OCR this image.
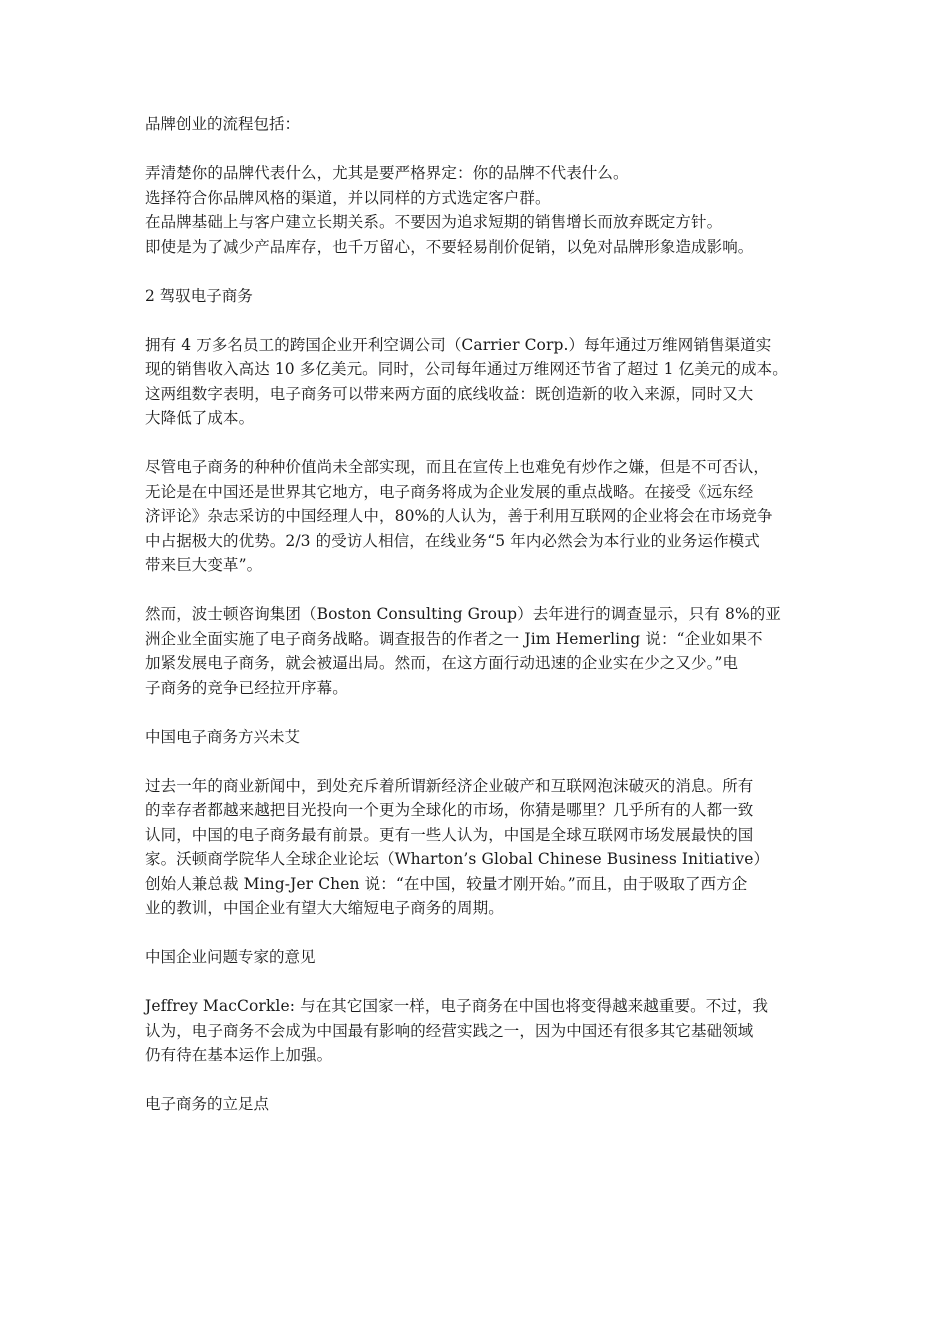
品牌创业的流程包括：
弄清楚你的品牌代表什么，尤其是要严格界定：你的品牌不代表什么。
选择符合你品牌风格的渠道，并以同样的方式选定客户群。
在品牌基础上与客户建立长期关系。不要因为追求短期的销售增长而放弃既定方针。
即使是为了减少产品库存，也千万留心，不要轻易削价促销，以免对品牌形象造成影响。
2 驾驭电子商务
拥有 4 万多名员工的跨国企业开利空调公司（Carrier Corp.）每年通过万维网销售渠道实
现的销售收入高达 10 多亿美元。同时，公司每年通过万维网还节省了超过 1 亿美元的成本。
这两组数字表明，电子商务可以带来两方面的底线收益：既创造新的收入来源，同时又大
大降低了成本。
尽管电子商务的种种价值尚未全部实现，而且在宣传上也难免有炒作之嫌，但是不可否认，
无论是在中国还是世界其它地方，电子商务将成为企业发展的重点战略。在接受《远东经
济评论》杂志采访的中国经理人中，80%的人认为，善于利用互联网的企业将会在市场竞争
中占据极大的优势。2/3 的受访人相信，在线业务“5 年内必然会为本行业的业务运作模式
带来巨大变革”。
然而，波士顿咨询集团（Boston Consulting Group）去年进行的调查显示，只有 8%的亚
洲企业全面实施了电子商务战略。调查报告的作者之一 Jim Hemerling 说：“企业如果不
加紧发展电子商务，就会被逼出局。然而，在这方面行动迅速的企业实在少之又少。”电
子商务的竞争已经拉开序幕。
中国电子商务方兴未艾
过去一年的商业新闻中，到处充斥着所谓新经济企业破产和互联网泡沫破灭的消息。所有
的幸存者都越来越把目光投向一个更为全球化的市场，你猜是哪里？几乎所有的人都一致
认同，中国的电子商务最有前景。更有一些人认为，中国是全球互联网市场发展最快的国
家。沃顿商学院华人全球企业论坛（Wharton’s Global Chinese Business Initiative）
创始人兼总裁 Ming-Jer Chen 说：“在中国，较量才刚开始。”而且，由于吸取了西方企
业的教训，中国企业有望大大缩短电子商务的周期。
中国企业问题专家的意见
Jeffrey MacCorkle: 与在其它国家一样，电子商务在中国也将变得越来越重要。不过，我
认为，电子商务不会成为中国最有影响的经营实践之一，因为中国还有很多其它基础领域
仍有待在基本运作上加强。
电子商务的立足点
